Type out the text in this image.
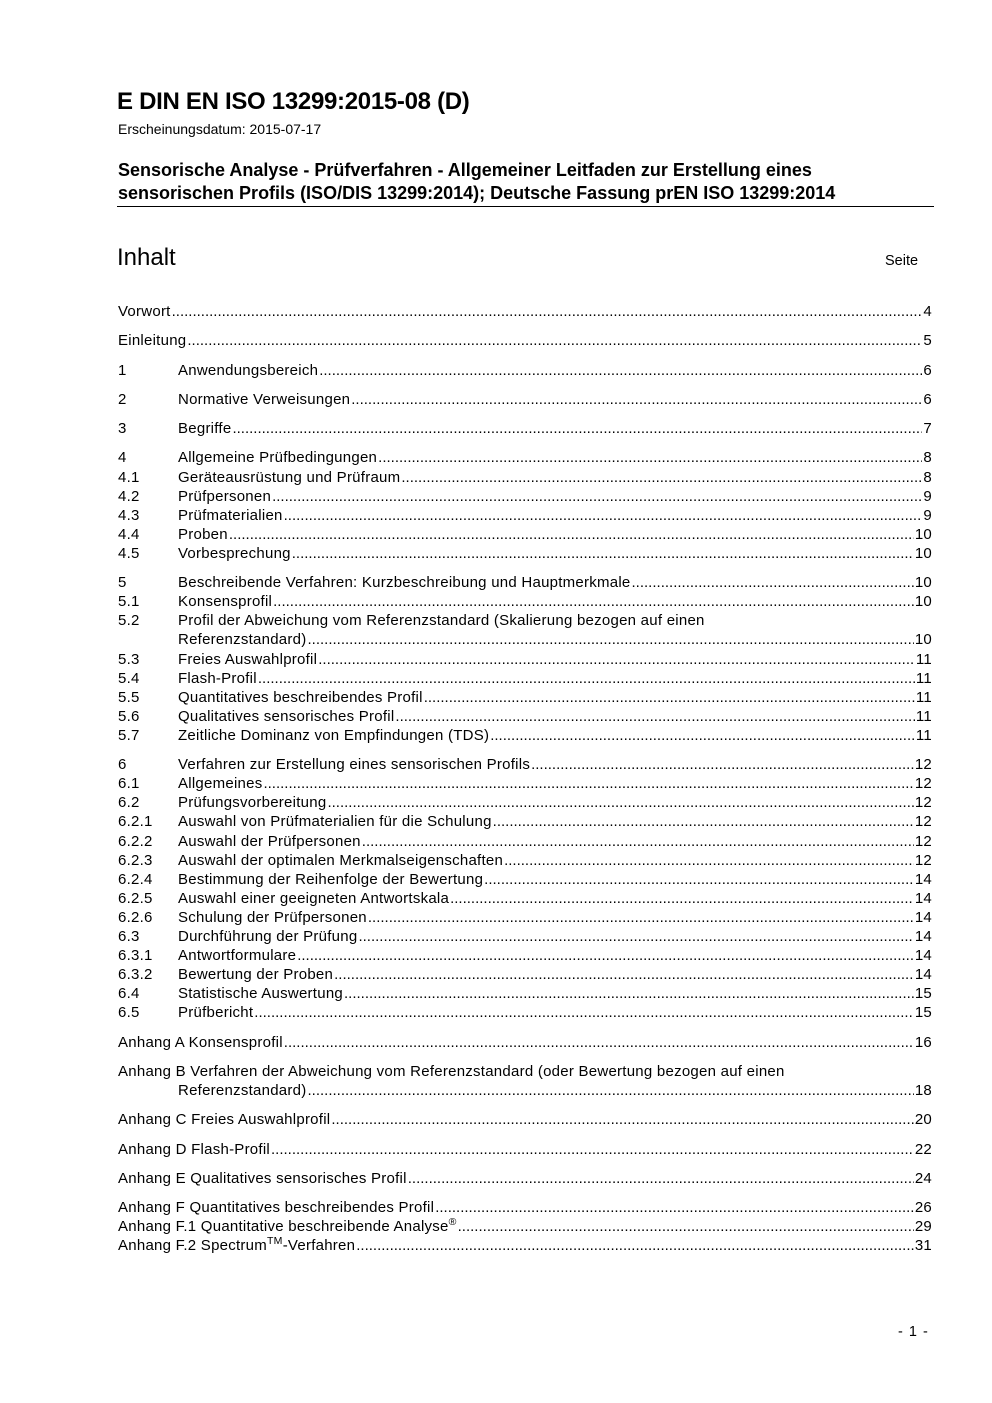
E DIN EN ISO 13299:2015-08 (D)
Erscheinungsdatum: 2015-07-17
Sensorische Analyse - Prüfverfahren - Allgemeiner Leitfaden zur Erstellung eines
sensorischen Profils (ISO/DIS 13299:2014); Deutsche Fassung prEN ISO 13299:2014
Inhalt	Seite
Vorwort .....	4
Einleitung .....	5
1	Anwendungsbereich .....	6
2	Normative Verweisungen .....	6
3	Begriffe .....	7
4	Allgemeine Prüfbedingungen .....	8
4.1	Geräteausrüstung und Prüfraum .....	8
4.2	Prüfpersonen .....	9
4.3	Prüfmaterialien .....	9
4.4	Proben .....	10
4.5	Vorbesprechung .....	10
5	Beschreibende Verfahren: Kurzbeschreibung und Hauptmerkmale .....	10
5.1	Konsensprofil .....	10
5.2	Profil der Abweichung vom Referenzstandard (Skalierung bezogen auf einen
Referenzstandard) .....	10
5.3	Freies Auswahlprofil .....	11
5.4	Flash-Profil .....	11
5.5	Quantitatives beschreibendes Profil .....	11
5.6	Qualitatives sensorisches Profil .....	11
5.7	Zeitliche Dominanz von Empfindungen (TDS) .....	11
6	Verfahren zur Erstellung eines sensorischen Profils .....	12
6.1	Allgemeines .....	12
6.2	Prüfungsvorbereitung .....	12
6.2.1	Auswahl von Prüfmaterialien für die Schulung .....	12
6.2.2	Auswahl der Prüfpersonen .....	12
6.2.3	Auswahl der optimalen Merkmalseigenschaften .....	12
6.2.4	Bestimmung der Reihenfolge der Bewertung .....	14
6.2.5	Auswahl einer geeigneten Antwortskala .....	14
6.2.6	Schulung der Prüfpersonen .....	14
6.3	Durchführung der Prüfung .....	14
6.3.1	Antwortformulare .....	14
6.3.2	Bewertung der Proben .....	14
6.4	Statistische Auswertung .....	15
6.5	Prüfbericht .....	15
Anhang A Konsensprofil .....	16
Anhang B Verfahren der Abweichung vom Referenzstandard (oder Bewertung bezogen auf einen
Referenzstandard) .....	18
Anhang C Freies Auswahlprofil .....	20
Anhang D Flash-Profil .....	22
Anhang E Qualitatives sensorisches Profil .....	24
Anhang F Quantitatives beschreibendes Profil .....	26
Anhang F.1 Quantitative beschreibende Analyse® .....	29
Anhang F.2 Spectrum™-Verfahren .....	31
- 1 -
